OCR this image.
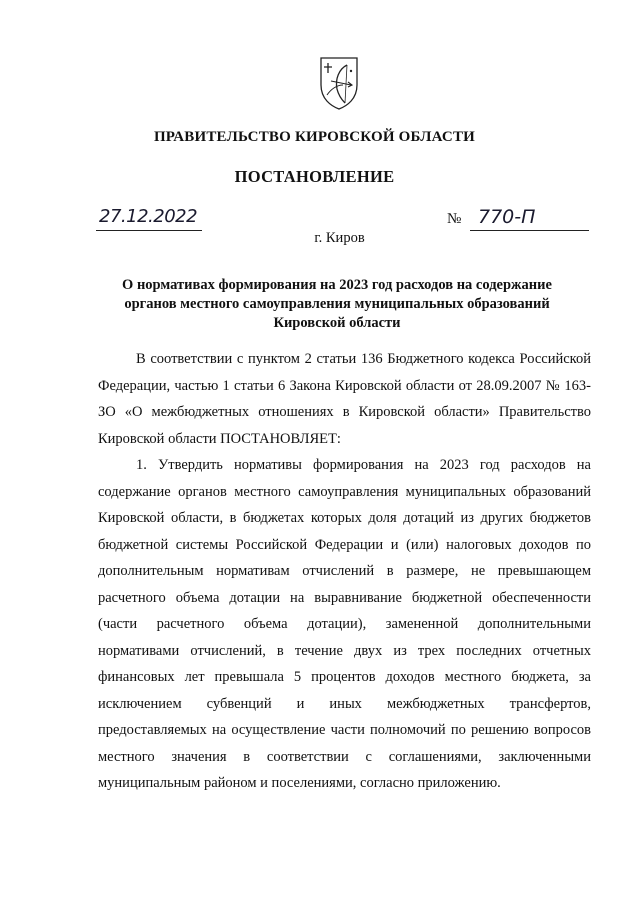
ПРАВИТЕЛЬСТВО КИРОВСКОЙ ОБЛАСТИ
ПОСТАНОВЛЕНИЕ
27.12.2022	№ 770-П
г. Киров
О нормативах формирования на 2023 год расходов на содержание органов местного самоуправления муниципальных образований Кировской области

В соответствии с пунктом 2 статьи 136 Бюджетного кодекса Российской Федерации, частью 1 статьи 6 Закона Кировской области от 28.09.2007 № 163-ЗО «О межбюджетных отношениях в Кировской области» Правительство Кировской области ПОСТАНОВЛЯЕТ:

1. Утвердить нормативы формирования на 2023 год расходов на содержание органов местного самоуправления муниципальных образований Кировской области, в бюджетах которых доля дотаций из других бюджетов бюджетной системы Российской Федерации и (или) налоговых доходов по дополнительным нормативам отчислений в размере, не превышающем расчетного объема дотации на выравнивание бюджетной обеспеченности (части расчетного объема дотации), замененной дополнительными нормативами отчислений, в течение двух из трех последних отчетных финансовых лет превышала 5 процентов доходов местного бюджета, за исключением субвенций и иных межбюджетных трансфертов, предоставляемых на осуществление части полномочий по решению вопросов местного значения в соответствии с соглашениями, заключенными муниципальным районом и поселениями, согласно приложению.
